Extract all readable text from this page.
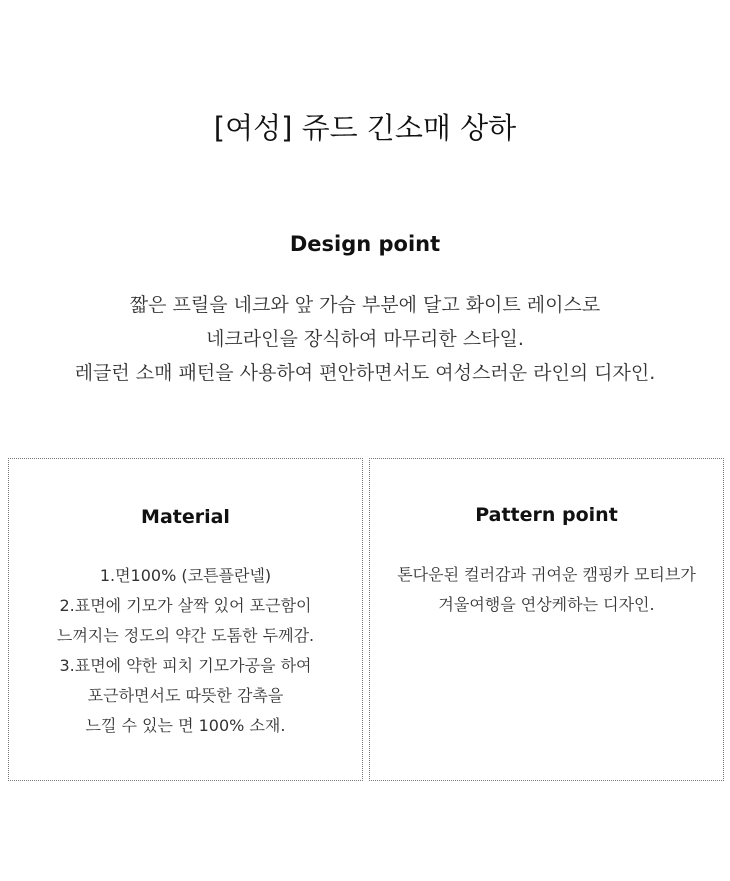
[여성] 쥬드 긴소매 상하
Design point

짧은 프릴을 네크와 앞 가슴 부분에 달고 화이트 레이스로
네크라인을 장식하여 마무리한 스타일.
레글런 소매 패턴을 사용하여 편안하면서도 여성스러운 라인의 디자인.

Material

1.면100% (코튼플란넬)
2.표면에 기모가 살짝 있어 포근함이
느껴지는 정도의 약간 도톰한 두께감.
3.표면에 약한 피치 기모가공을 하여
포근하면서도 따뜻한 감촉을
느낄 수 있는 면 100% 소재.

Pattern point

톤다운된 컬러감과 귀여운 캠핑카 모티브가
겨울여행을 연상케하는 디자인.
